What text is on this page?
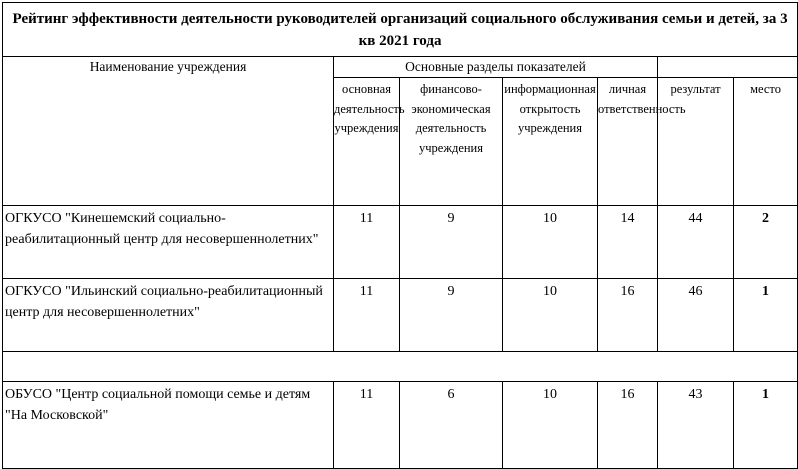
Рейтинг эффективности деятельности руководителей организаций социального обслуживания семьи и детей, за 3 кв 2021 года						
Наименование учреждения	Основные разделы показателей					
	основная деятельность учреждения	финансово-экономическая деятельность учреждения	информационная открытость учреждения	личная ответственность	результат	место
ОГКУСО "Кинешемский социально-реабилитационный центр для несовершеннолетних"	11	9	10	14	44	2
ОГКУСО "Ильинский социально-реабилитационный центр для несовершеннолетних"	11	9	10	16	46	1

ОБУСО "Центр социальной помощи семье и детям "На Московской"	11	6	10	16	43	1
